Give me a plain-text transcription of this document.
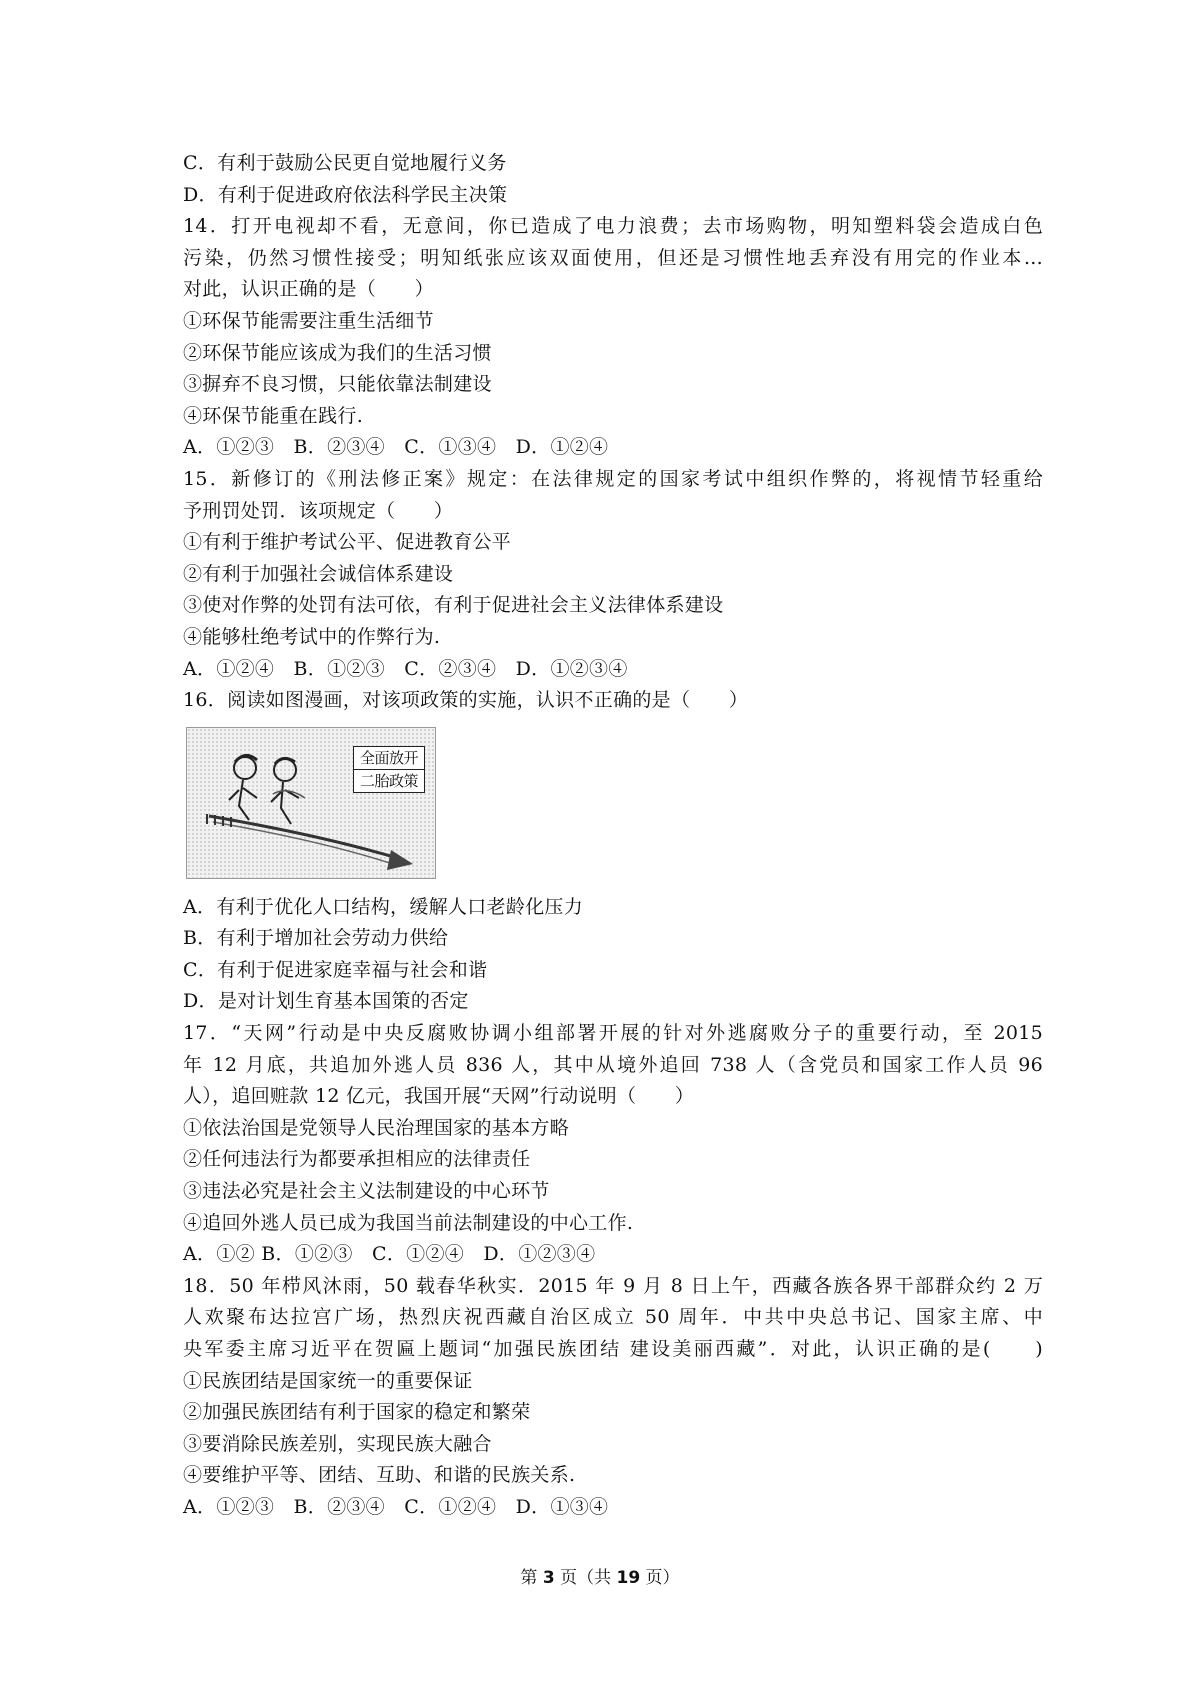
C．有利于鼓励公民更自觉地履行义务
D．有利于促进政府依法科学民主决策
14．打开电视却不看，无意间，你已造成了电力浪费；去市场购物，明知塑料袋会造成白色
污染，仍然习惯性接受；明知纸张应该双面使用，但还是习惯性地丢弃没有用完的作业本...
对此，认识正确的是（　　）
①环保节能需要注重生活细节
②环保节能应该成为我们的生活习惯
③摒弃不良习惯，只能依靠法制建设
④环保节能重在践行.
A．①②③　B．②③④　C．①③④　D．①②④
15．新修订的《刑法修正案》规定：在法律规定的国家考试中组织作弊的，将视情节轻重给
予刑罚处罚．该项规定（　　）
①有利于维护考试公平、促进教育公平
②有利于加强社会诚信体系建设
③使对作弊的处罚有法可依，有利于促进社会主义法律体系建设
④能够杜绝考试中的作弊行为.
A．①②④　B．①②③　C．②③④　D．①②③④
16．阅读如图漫画，对该项政策的实施，认识不正确的是（　　）
全面放开
二胎政策
A．有利于优化人口结构，缓解人口老龄化压力
B．有利于增加社会劳动力供给
C．有利于促进家庭幸福与社会和谐
D．是对计划生育基本国策的否定
17．“天网”行动是中央反腐败协调小组部署开展的针对外逃腐败分子的重要行动，至 2015
年 12 月底，共追加外逃人员 836 人，其中从境外追回 738 人（含党员和国家工作人员 96
人），追回赃款 12 亿元，我国开展“天网”行动说明（　　）
①依法治国是党领导人民治理国家的基本方略
②任何违法行为都要承担相应的法律责任
③违法必究是社会主义法制建设的中心环节
④追回外逃人员已成为我国当前法制建设的中心工作.
A．①② B．①②③　C．①②④　D．①②③④
18．50 年栉风沐雨，50 载春华秋实．2015 年 9 月 8 日上午，西藏各族各界干部群众约 2 万
人欢聚布达拉宫广场，热烈庆祝西藏自治区成立 50 周年．中共中央总书记、国家主席、中
央军委主席习近平在贺匾上题词“加强民族团结 建设美丽西藏”．对此，认识正确的是(　　)
①民族团结是国家统一的重要保证
②加强民族团结有利于国家的稳定和繁荣
③要消除民族差别，实现民族大融合
④要维护平等、团结、互助、和谐的民族关系.
A．①②③　B．②③④　C．①②④　D．①③④
第 3 页（共 19 页）
